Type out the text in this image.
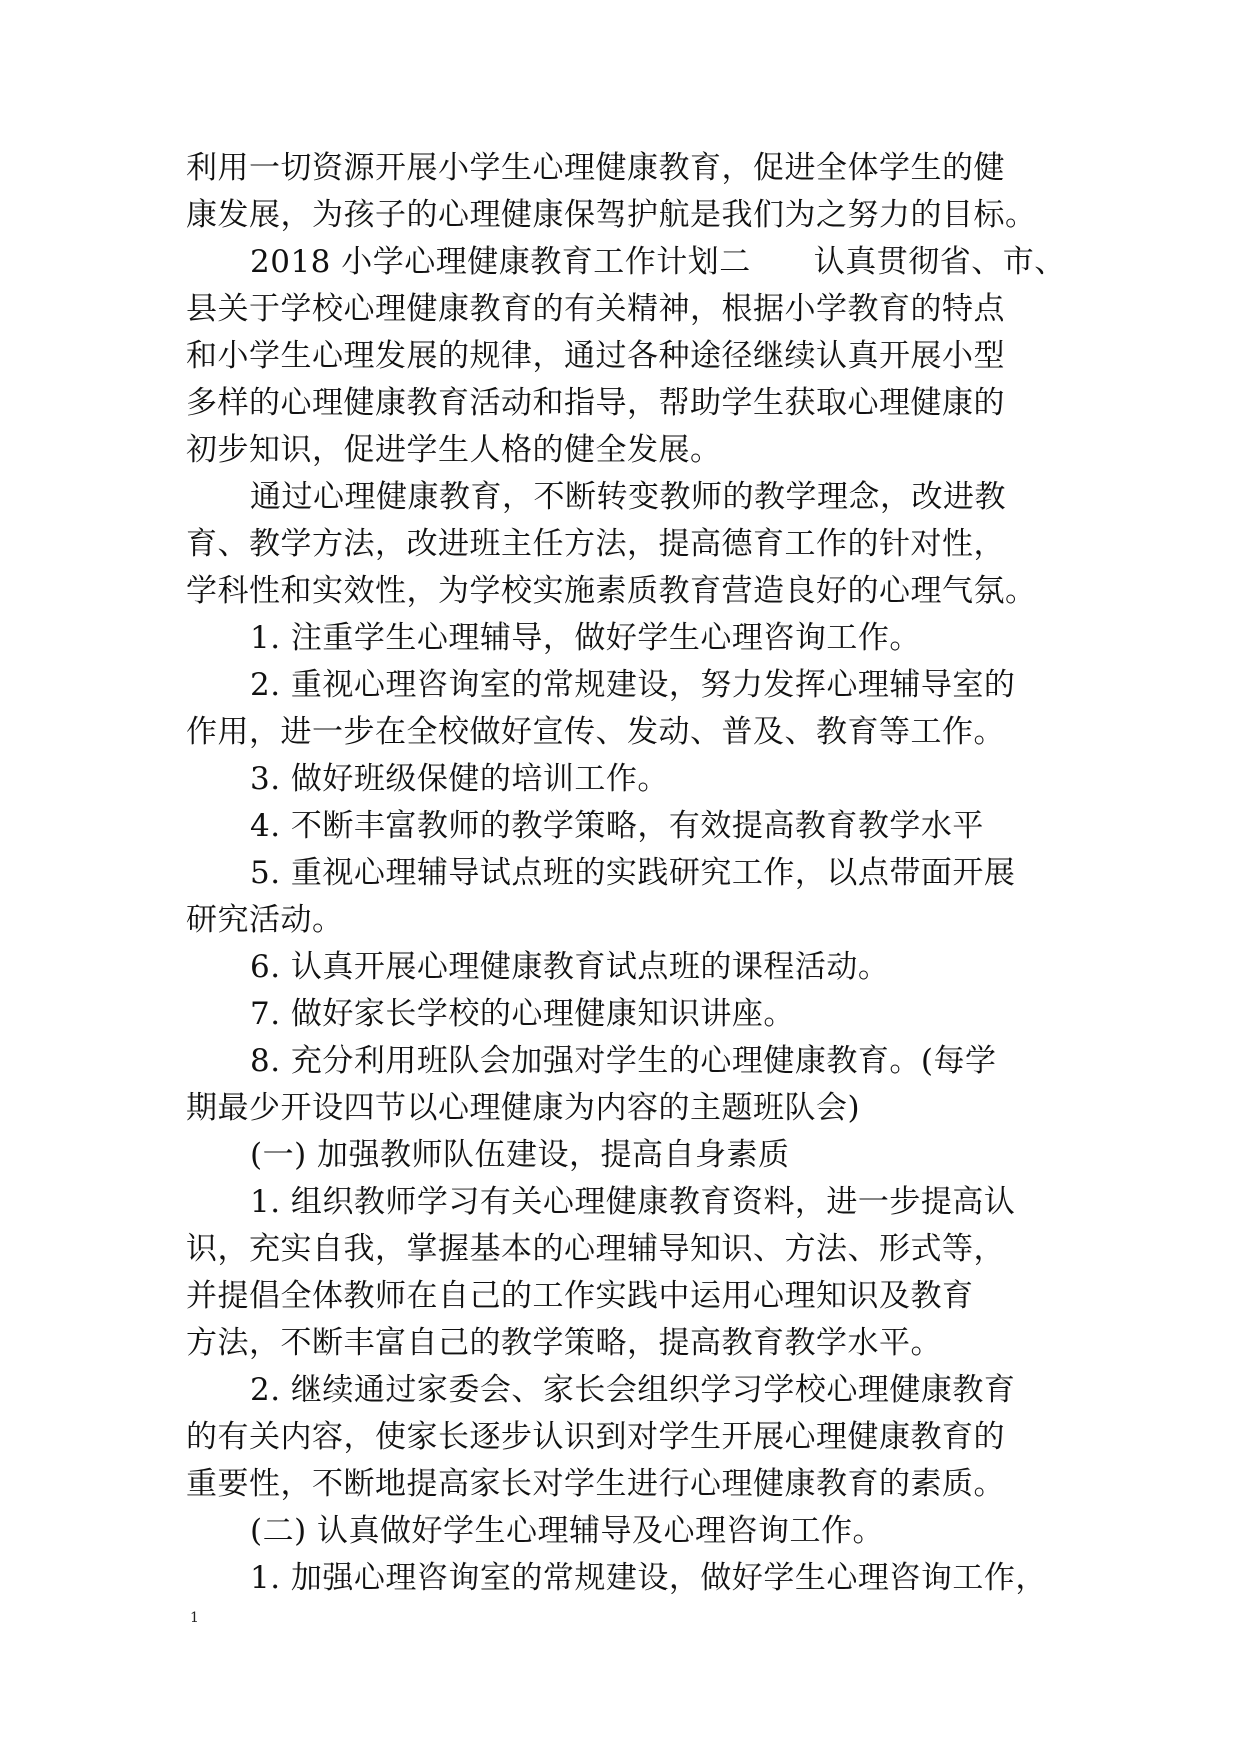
利用一切资源开展小学生心理健康教育，促进全体学生的健
康发展，为孩子的心理健康保驾护航是我们为之努力的目标。
2018 小学心理健康教育工作计划二　　认真贯彻省、市、
县关于学校心理健康教育的有关精神，根据小学教育的特点
和小学生心理发展的规律，通过各种途径继续认真开展小型
多样的心理健康教育活动和指导，帮助学生获取心理健康的
初步知识，促进学生人格的健全发展。
通过心理健康教育，不断转变教师的教学理念，改进教
育、教学方法，改进班主任方法，提高德育工作的针对性，
学科性和实效性，为学校实施素质教育营造良好的心理气氛。
1. 注重学生心理辅导，做好学生心理咨询工作。
2. 重视心理咨询室的常规建设，努力发挥心理辅导室的
作用，进一步在全校做好宣传、发动、普及、教育等工作。
3. 做好班级保健的培训工作。
4. 不断丰富教师的教学策略，有效提高教育教学水平
5. 重视心理辅导试点班的实践研究工作，以点带面开展
研究活动。
6. 认真开展心理健康教育试点班的课程活动。
7. 做好家长学校的心理健康知识讲座。
8. 充分利用班队会加强对学生的心理健康教育。(每学
期最少开设四节以心理健康为内容的主题班队会)
(一) 加强教师队伍建设，提高自身素质
1. 组织教师学习有关心理健康教育资料，进一步提高认
识，充实自我，掌握基本的心理辅导知识、方法、形式等，
并提倡全体教师在自己的工作实践中运用心理知识及教育
方法，不断丰富自己的教学策略，提高教育教学水平。
2. 继续通过家委会、家长会组织学习学校心理健康教育
的有关内容，使家长逐步认识到对学生开展心理健康教育的
重要性，不断地提高家长对学生进行心理健康教育的素质。
(二) 认真做好学生心理辅导及心理咨询工作。
1. 加强心理咨询室的常规建设，做好学生心理咨询工作，
1
